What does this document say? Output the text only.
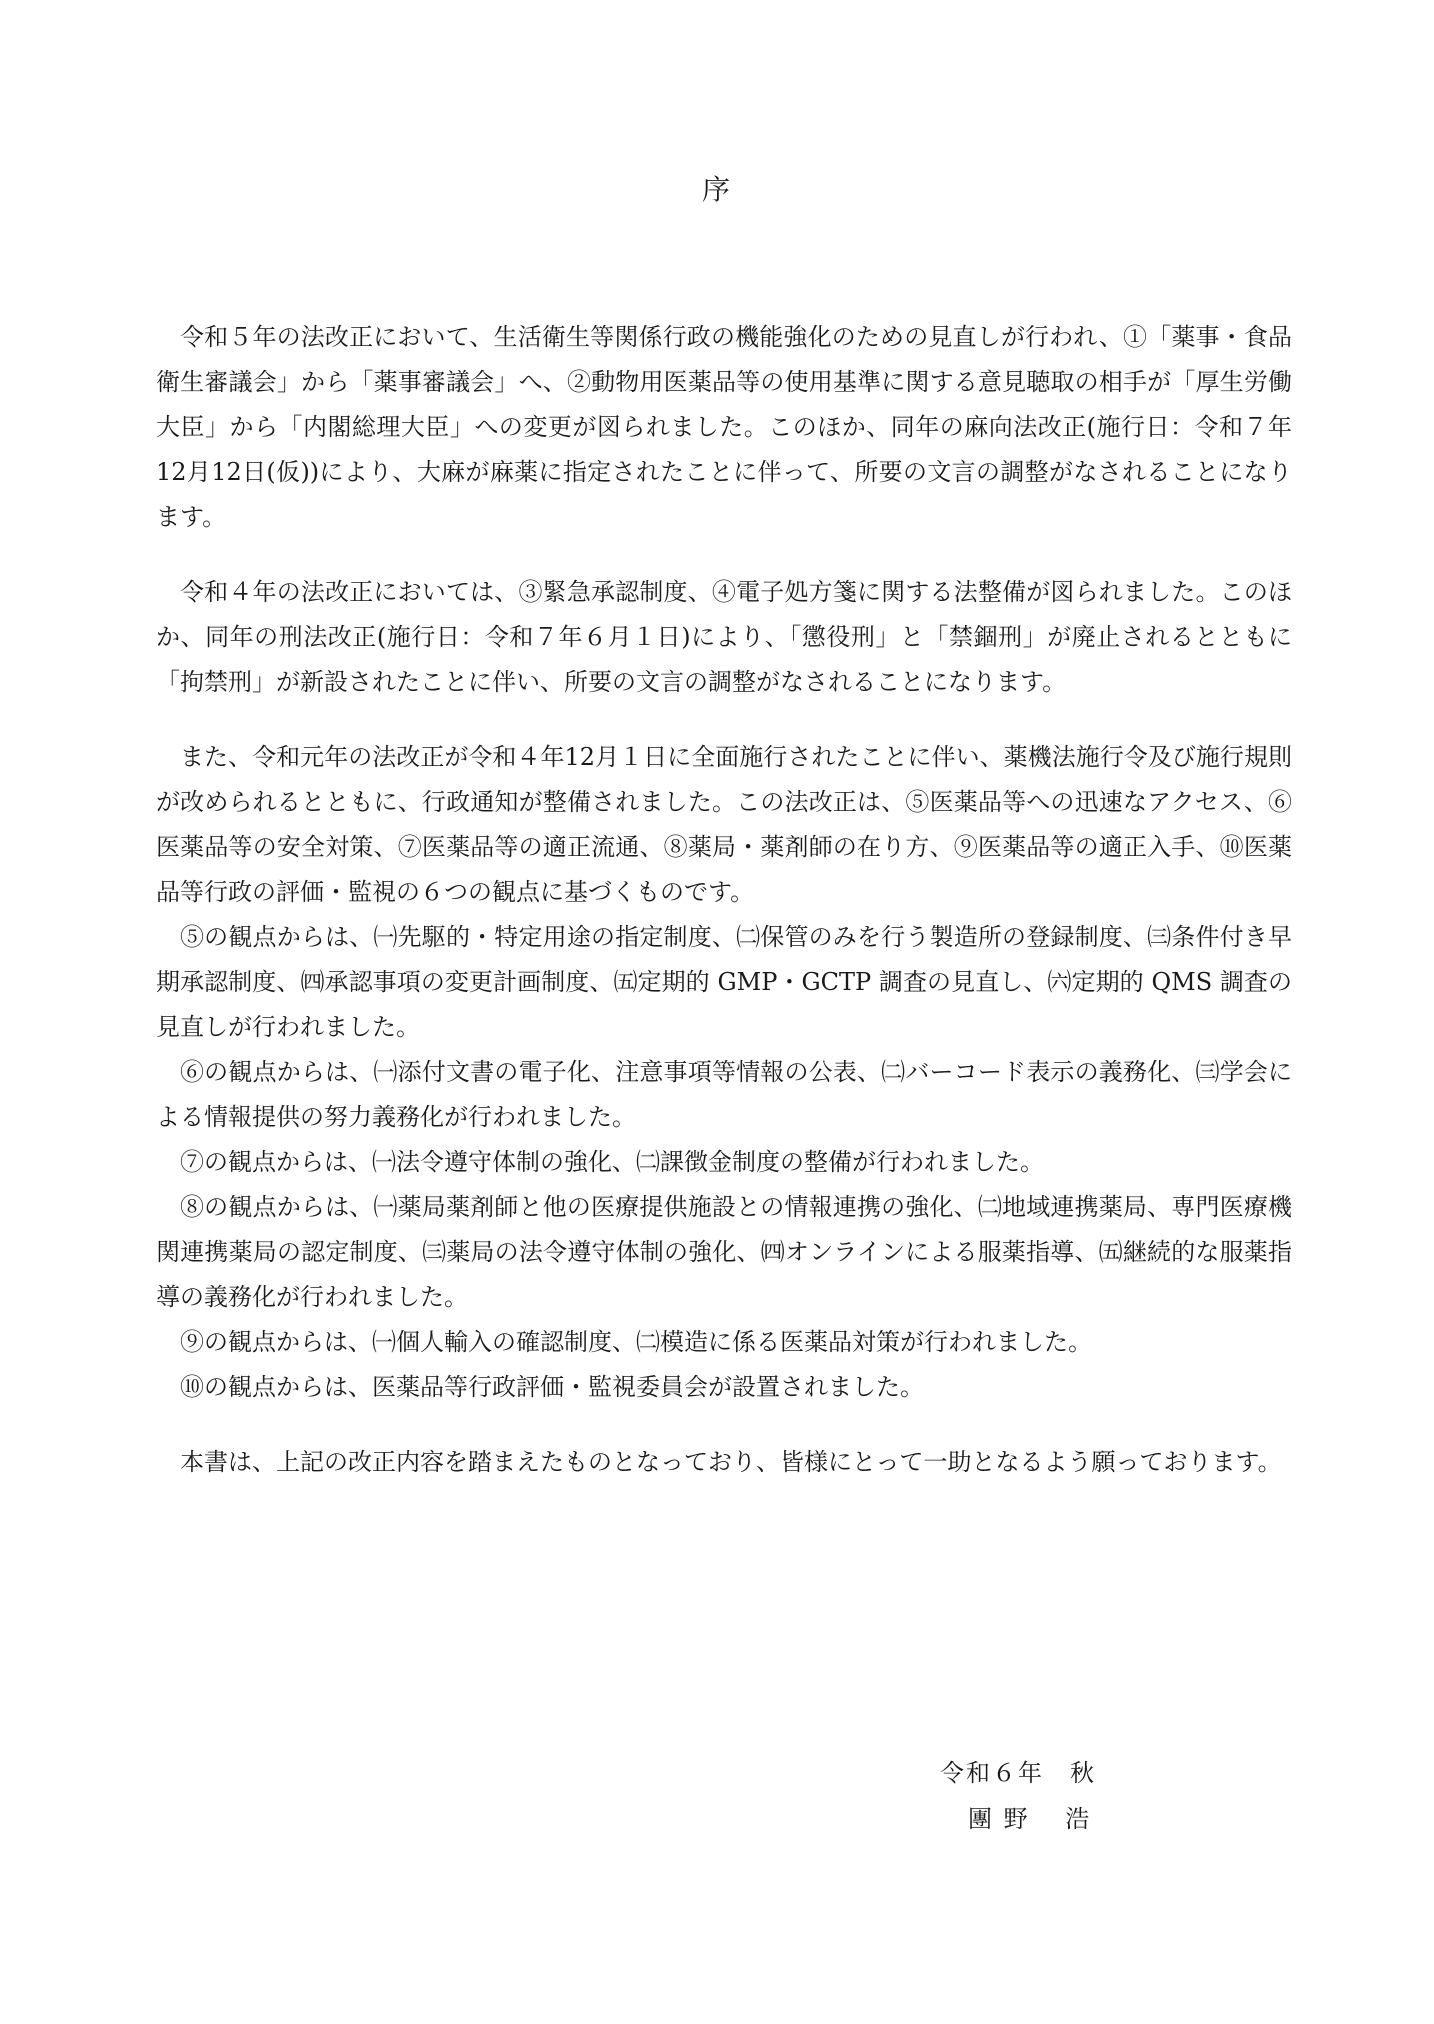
序

令和５年の法改正において、生活衛生等関係行政の機能強化のための見直しが行われ、①「薬事・食品衛生審議会」から「薬事審議会」へ、②動物用医薬品等の使用基準に関する意見聴取の相手が「厚生労働大臣」から「内閣総理大臣」への変更が図られました。このほか、同年の麻向法改正(施行日：令和７年12月12日(仮))により、大麻が麻薬に指定されたことに伴って、所要の文言の調整がなされることになります。

令和４年の法改正においては、③緊急承認制度、④電子処方箋に関する法整備が図られました。このほか、同年の刑法改正(施行日：令和７年６月１日)により、「懲役刑」と「禁錮刑」が廃止されるとともに「拘禁刑」が新設されたことに伴い、所要の文言の調整がなされることになります。

また、令和元年の法改正が令和４年12月１日に全面施行されたことに伴い、薬機法施行令及び施行規則が改められるとともに、行政通知が整備されました。この法改正は、⑤医薬品等への迅速なアクセス、⑥医薬品等の安全対策、⑦医薬品等の適正流通、⑧薬局・薬剤師の在り方、⑨医薬品等の適正入手、⑩医薬品等行政の評価・監視の６つの観点に基づくものです。

⑤の観点からは、㈠先駆的・特定用途の指定制度、㈡保管のみを行う製造所の登録制度、㈢条件付き早期承認制度、㈣承認事項の変更計画制度、㈤定期的 GMP・GCTP 調査の見直し、㈥定期的 QMS 調査の見直しが行われました。

⑥の観点からは、㈠添付文書の電子化、注意事項等情報の公表、㈡バーコード表示の義務化、㈢学会による情報提供の努力義務化が行われました。

⑦の観点からは、㈠法令遵守体制の強化、㈡課徴金制度の整備が行われました。

⑧の観点からは、㈠薬局薬剤師と他の医療提供施設との情報連携の強化、㈡地域連携薬局、専門医療機関連携薬局の認定制度、㈢薬局の法令遵守体制の強化、㈣オンラインによる服薬指導、㈤継続的な服薬指導の義務化が行われました。

⑨の観点からは、㈠個人輸入の確認制度、㈡模造に係る医薬品対策が行われました。

⑩の観点からは、医薬品等行政評価・監視委員会が設置されました。

本書は、上記の改正内容を踏まえたものとなっており、皆様にとって一助となるよう願っております。

令和６年　秋
團 野　 浩
